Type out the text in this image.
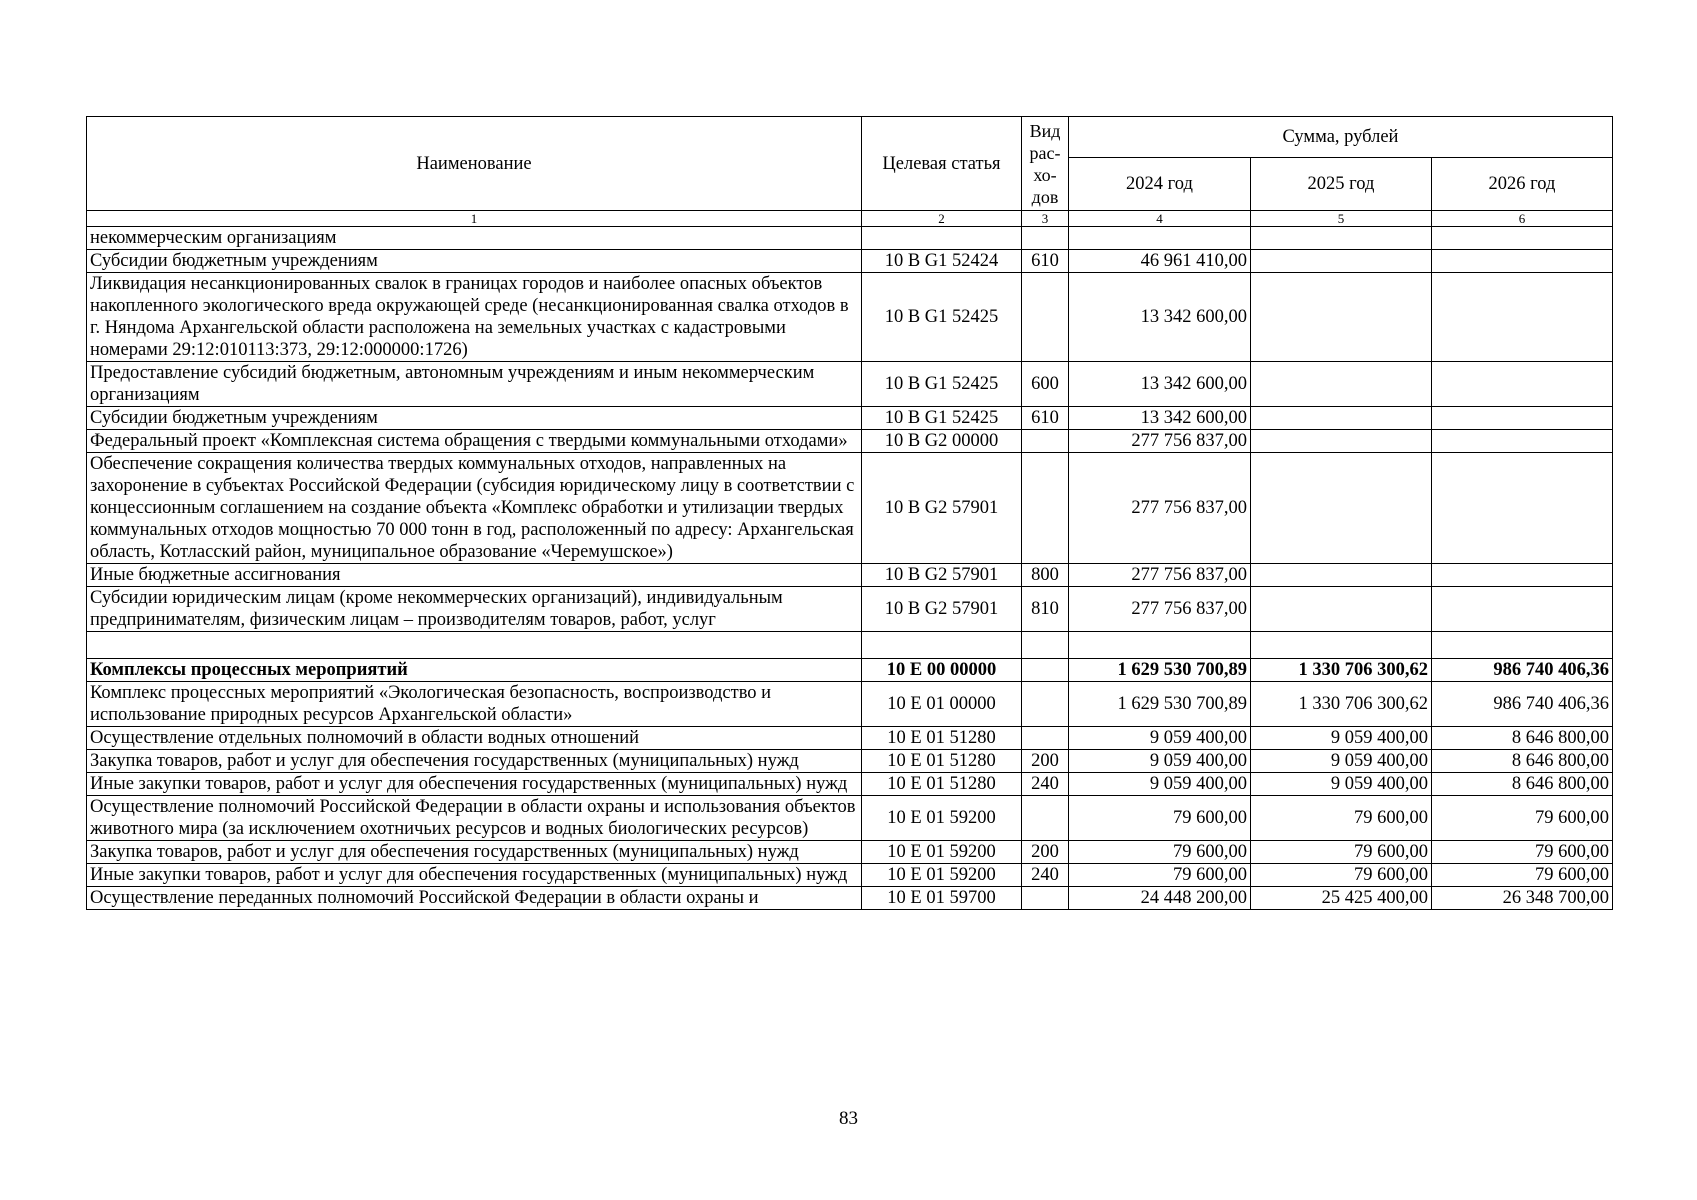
Наименование	Целевая статья	Вид рас-хо-дов	Сумма, рублей		
			2024 год	2025 год	2026 год
1	2	3	4	5	6
некоммерческим организациям					
Субсидии бюджетным учреждениям	10 В G1 52424	610	46 961 410,00		
Ликвидация несанкционированных свалок в границах городов и наиболее опасных объектов накопленного экологического вреда окружающей среде (несанкционированная свалка отходов в г. Няндома Архангельской области расположена на земельных участках с кадастровыми номерами 29:12:010113:373, 29:12:000000:1726)	10 В G1 52425		13 342 600,00		
Предоставление субсидий бюджетным, автономным учреждениям и иным некоммерческим организациям	10 В G1 52425	600	13 342 600,00		
Субсидии бюджетным учреждениям	10 В G1 52425	610	13 342 600,00		
Федеральный проект «Комплексная система обращения с твердыми коммунальными отходами»	10 В G2 00000		277 756 837,00		
Обеспечение сокращения количества твердых коммунальных отходов, направленных на захоронение в субъектах Российской Федерации (субсидия юридическому лицу в соответствии с концессионным соглашением на создание объекта «Комплекс обработки и утилизации твердых коммунальных отходов мощностью 70 000 тонн в год, расположенный по адресу: Архангельская область, Котласский район, муниципальное образование «Черемушское»)	10 В G2 57901		277 756 837,00		
Иные бюджетные ассигнования	10 В G2 57901	800	277 756 837,00		
Субсидии юридическим лицам (кроме некоммерческих организаций), индивидуальным предпринимателям, физическим лицам – производителям товаров, работ, услуг	10 В G2 57901	810	277 756 837,00		

Комплексы процессных мероприятий	10 Е 00 00000		1 629 530 700,89	1 330 706 300,62	986 740 406,36
Комплекс процессных мероприятий «Экологическая безопасность, воспроизводство и использование природных ресурсов Архангельской области»	10 Е 01 00000		1 629 530 700,89	1 330 706 300,62	986 740 406,36
Осуществление отдельных полномочий в области водных отношений	10 Е 01 51280		9 059 400,00	9 059 400,00	8 646 800,00
Закупка товаров, работ и услуг для обеспечения государственных (муниципальных) нужд	10 Е 01 51280	200	9 059 400,00	9 059 400,00	8 646 800,00
Иные закупки товаров, работ и услуг для обеспечения государственных (муниципальных) нужд	10 Е 01 51280	240	9 059 400,00	9 059 400,00	8 646 800,00
Осуществление полномочий Российской Федерации в области охраны и использования объектов животного мира (за исключением охотничьих ресурсов и водных биологических ресурсов)	10 Е 01 59200		79 600,00	79 600,00	79 600,00
Закупка товаров, работ и услуг для обеспечения государственных (муниципальных) нужд	10 Е 01 59200	200	79 600,00	79 600,00	79 600,00
Иные закупки товаров, работ и услуг для обеспечения государственных (муниципальных) нужд	10 Е 01 59200	240	79 600,00	79 600,00	79 600,00
Осуществление переданных полномочий Российской Федерации в области охраны и	10 Е 01 59700		24 448 200,00	25 425 400,00	26 348 700,00
83
